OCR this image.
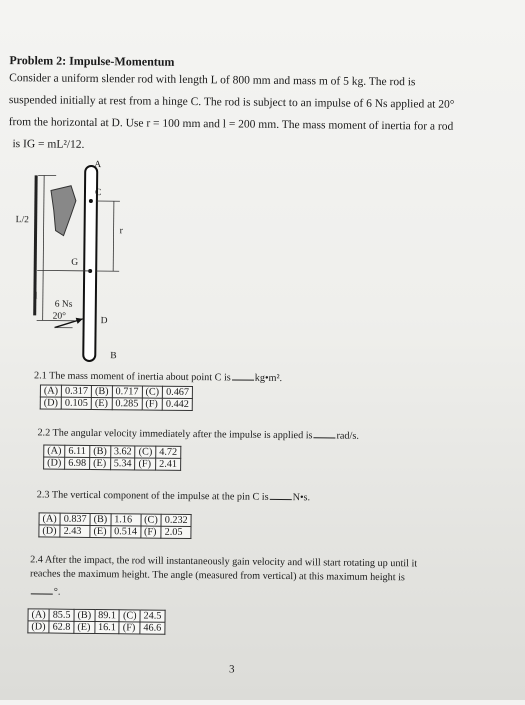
Problem 2: Impulse-Momentum
Consider a uniform slender rod with length L of 800 mm and mass m of 5 kg. The rod is
suspended initially at rest from a hinge C. The rod is subject to an impulse of 6 Ns applied at 20°
from the horizontal at D. Use r = 100 mm and l = 200 mm. The mass moment of inertia for a rod
is IG = mL²/12.
A
C
L/2
r
G
l
6 Ns
20°	D
B
2.1 The mass moment of inertia about point C is kg•m².
(A)	0.317	(B)	0.717	(C)	0.467
(D)	0.105	(E)	0.285	(F)	0.442
2.2 The angular velocity immediately after the impulse is applied is rad/s.
(A)	6.11	(B)	3.62	(C)	4.72
(D)	6.98	(E)	5.34	(F)	2.41
2.3 The vertical component of the impulse at the pin C is N•s.
(A)	0.837	(B)	1.16	(C)	0.232
(D)	2.43	(E)	0.514	(F)	2.05
2.4 After the impact, the rod will instantaneously gain velocity and will start rotating up until it
reaches the maximum height. The angle (measured from vertical) at this maximum height is
°.
(A)	85.5	(B)	89.1	(C)	24.5
(D)	62.8	(E)	16.1	(F)	46.6
3
